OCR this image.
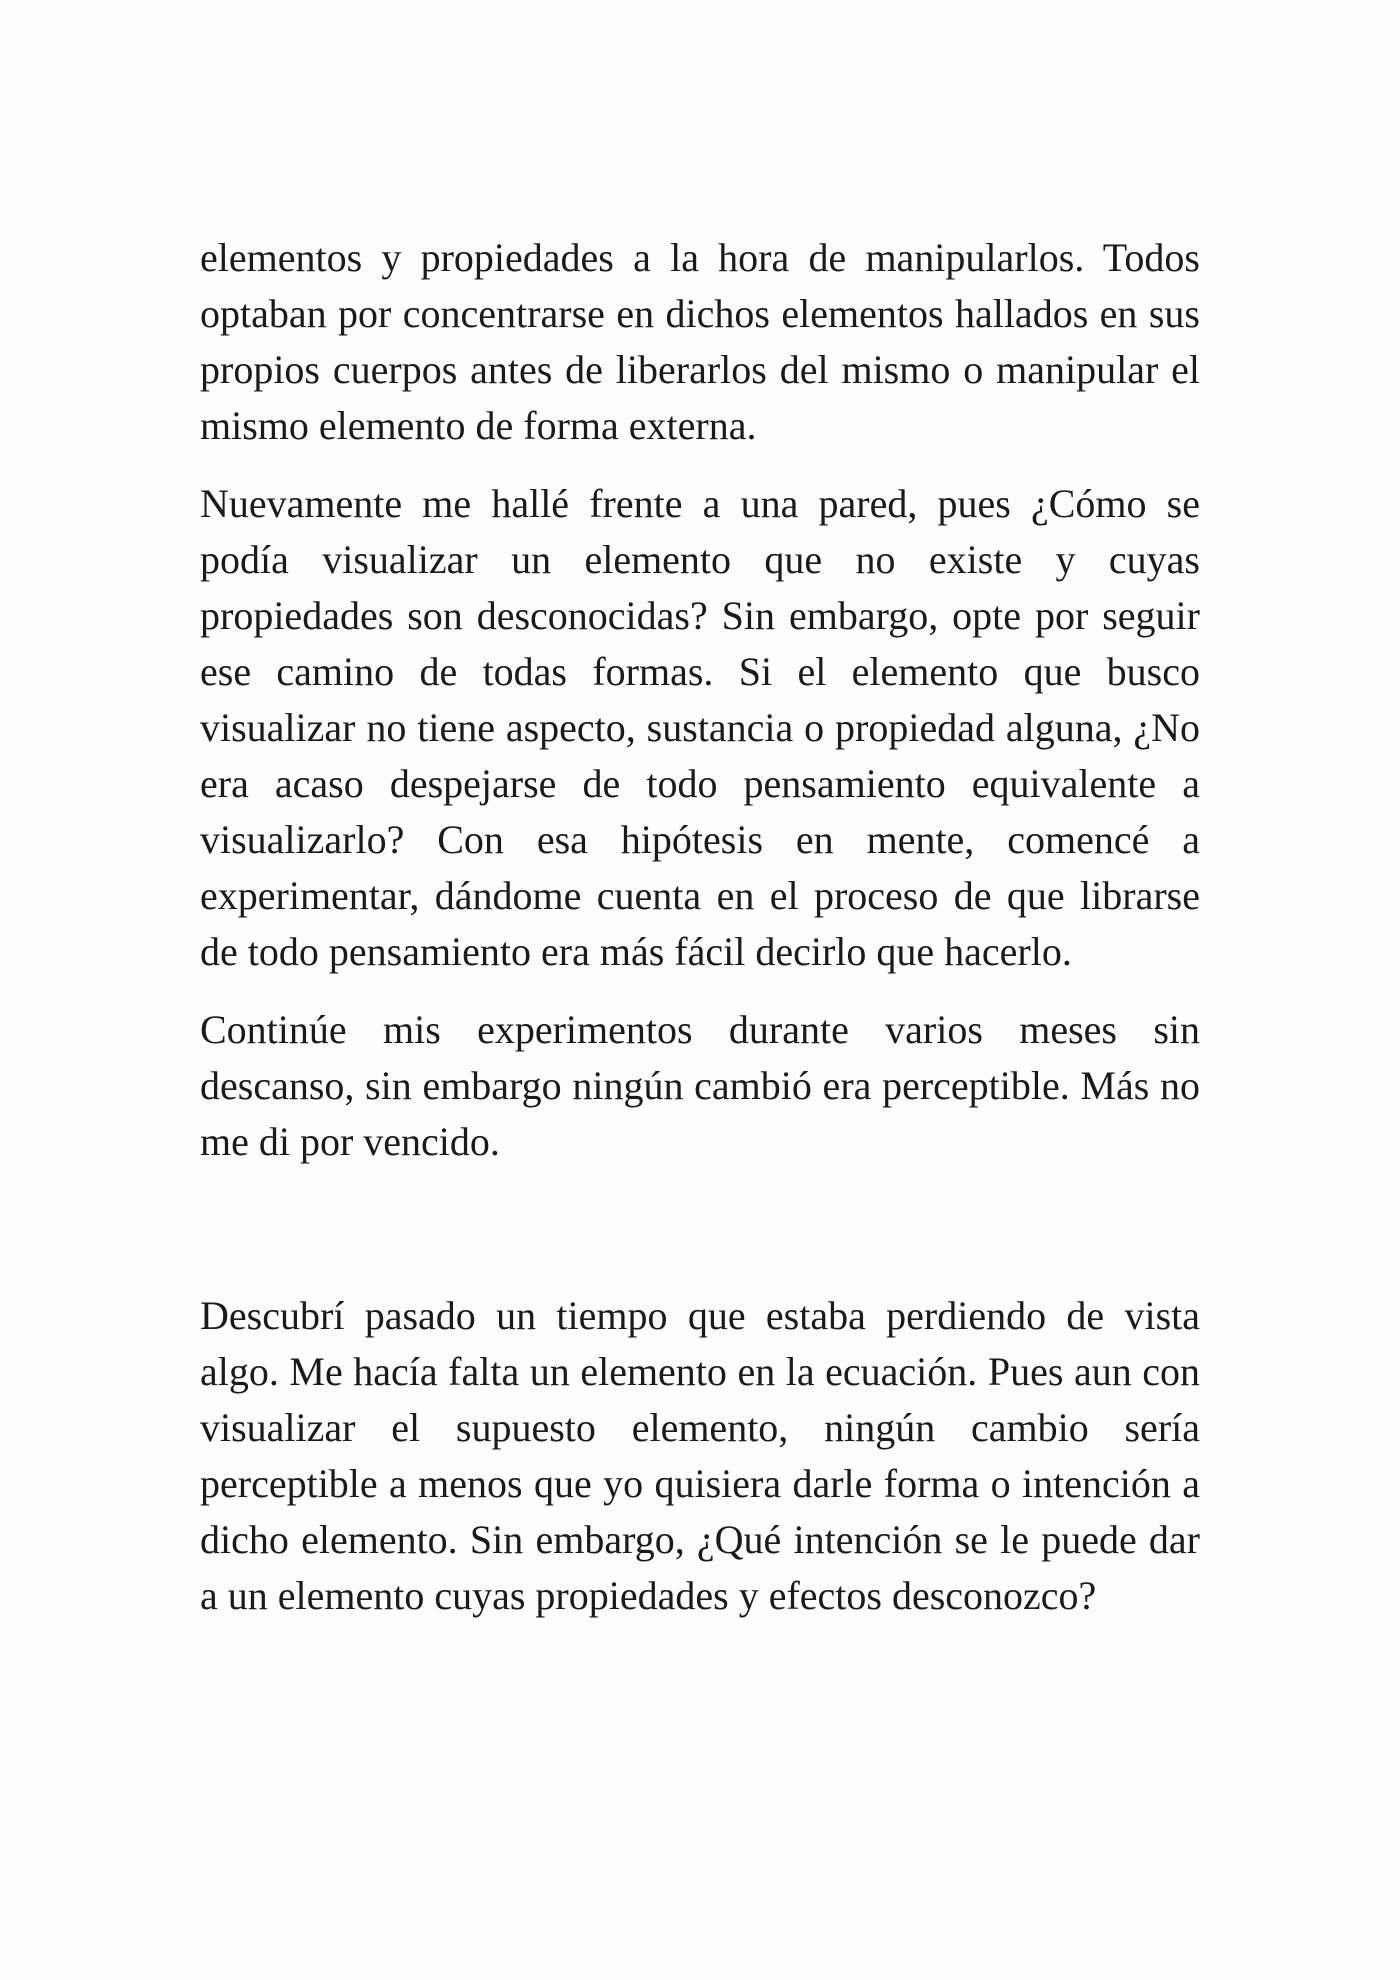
elementos y propiedades a la hora de manipularlos. Todos optaban por concentrarse en dichos elementos hallados en sus propios cuerpos antes de liberarlos del mismo o manipular el mismo elemento de forma externa.

Nuevamente me hallé frente a una pared, pues ¿Cómo se podía visualizar un elemento que no existe y cuyas propiedades son desconocidas? Sin embargo, opte por seguir ese camino de todas formas. Si el elemento que busco visualizar no tiene aspecto, sustancia o propiedad alguna, ¿No era acaso despejarse de todo pensamiento equivalente a visualizarlo? Con esa hipótesis en mente, comencé a experimentar, dándome cuenta en el proceso de que librarse de todo pensamiento era más fácil decirlo que hacerlo.

Continúe mis experimentos durante varios meses sin descanso, sin embargo ningún cambió era perceptible. Más no me di por vencido.

Descubrí pasado un tiempo que estaba perdiendo de vista algo. Me hacía falta un elemento en la ecuación. Pues aun con visualizar el supuesto elemento, ningún cambio sería perceptible a menos que yo quisiera darle forma o intención a dicho elemento. Sin embargo, ¿Qué intención se le puede dar a un elemento cuyas propiedades y efectos desconozco?
